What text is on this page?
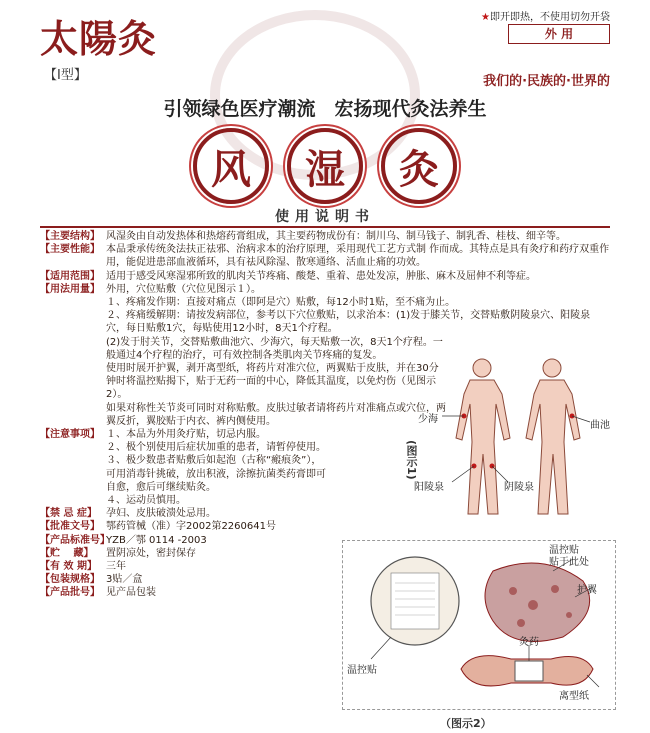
太陽灸
【Ⅰ型】
★即开即热，不使用切勿开袋
外 用
我们的·民族的·世界的
引领绿色医疗潮流　宏扬现代灸法养生
风	湿	灸
使用说明书
【主要结构】 风湿灸由自动发热体和热熔药膏组成，其主要药物成份有：制川乌、制马钱子、制乳香、桂枝、细辛等。
【主要性能】 本品秉承传统灸法扶正祛邪、治病求本的治疗原理，采用现代工艺方式制 作而成。其特点是具有灸疗和药疗双重作用，能促进患部血液循环，具有祛风除湿、散寒通络、活血止痛的功效。
【适用范围】 适用于感受风寒湿邪所致的肌肉关节疼痛、酸楚、重着、患处发凉，肿胀、麻木及屈伸不利等症。
【用法用量】 外用，穴位贴敷（穴位见图示１）。
１、疼痛发作期：直接对痛点（即阿是穴）贴敷，每12小时1贴，至不痛为止。
２、疼痛缓解期：请按发病部位，参考以下穴位敷贴，以求治本：(1)发于膝关节，交替贴敷阴陵泉穴、阳陵泉穴，每日贴敷1穴，每贴使用12小时，8天1个疗程。
(2)发于肘关节，交替贴敷曲池穴、少海穴，每天贴敷一次，8天1个疗程。一般通过4个疗程的治疗，可有效控制各类肌肉关节疼痛的复发。
使用时展开护翼，剥开离型纸，将药片对准穴位，两翼贴于皮肤，并在30分钟时将温控贴揭下，贴于无药一面的中心，降低其温度，以免灼伤（见图示2）。
如果对称性关节炎可同时对称贴敷。皮肤过敏者请将药片对准痛点或穴位，两翼反折，翼胶贴于内衣、裤内侧使用。
【注意事项】 １、本品为外用灸疗贴，切忌内服。
２、极个别使用后症状加重的患者，请暂停使用。
３、极少数患者贴敷后如起泡（古称“瘢痕灸”），可用消毒针挑破，放出积液，涂擦抗菌类药膏即可自愈，愈后可继续贴灸。
４、运动员慎用。
【禁 忌 症】 孕妇、皮肤破溃处忌用。
【批准文号】 鄂药管械（准）字2002第2260641号
【产品标准号】
YZB／鄂 0114 -2003
【贮　 藏】	置阴凉处，密封保存
【有 效 期】 三年
【包装规格】 3贴／盒
【产品批号】 见产品包装
少海
曲池
阳陵泉	阴陵泉
(图示1)
温控贴
贴于此处
护翼
灸药
离型纸
温控贴
（图示2）
